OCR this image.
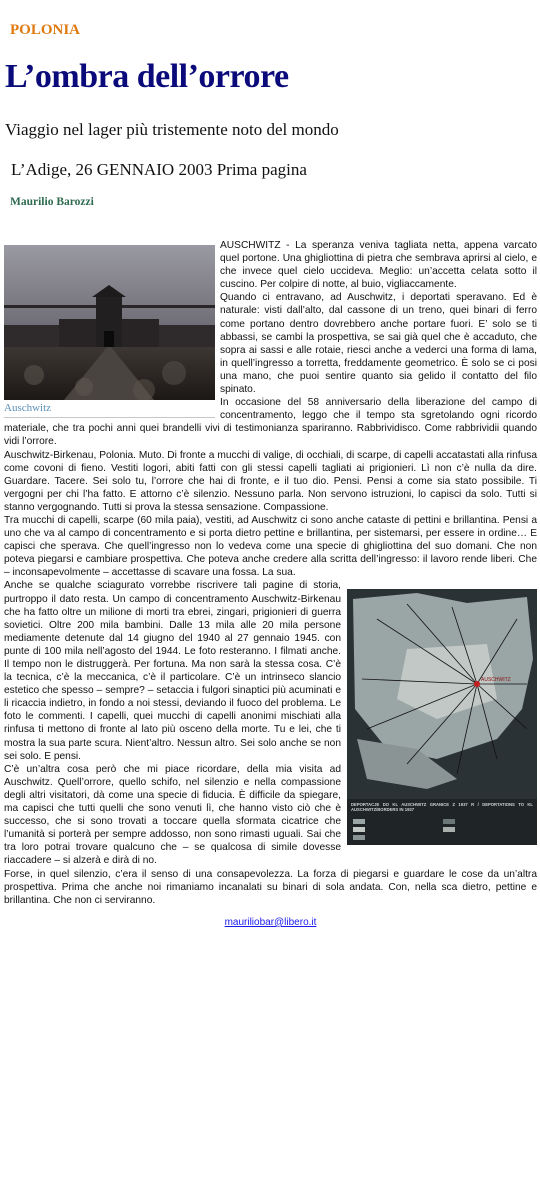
POLONIA
L’ombra dell’orrore
Viaggio nel lager più tristemente noto del mondo
L’Adige, 26 GENNAIO 2003 Prima pagina
Maurilio Barozzi
Auschwitz

AUSCHWITZ - La speranza veniva tagliata netta, appena varcato quel portone. Una ghigliottina di pietra che sembrava aprirsi al cielo, e che invece quel cielo uccideva. Meglio: un’accetta celata sotto il cuscino. Per colpire di notte, al buio, vigliaccamente.

Quando ci entravano, ad Auschwitz, i deportati speravano. Ed è naturale: visti dall’alto, dal cassone di un treno, quei binari di ferro come portano dentro dovrebbero anche portare fuori. E’ solo se ti abbassi, se cambi la prospettiva, se sai già quel che è accaduto, che sopra ai sassi e alle rotaie, riesci anche a vederci una forma di lama, in quell’ingresso a torretta, freddamente geometrico. È solo se ci posi una mano, che puoi sentire quanto sia gelido il contatto del filo spinato.

In occasione del 58 anniversario della liberazione del campo di concentramento, leggo che il tempo sta sgretolando ogni ricordo materiale, che tra pochi anni quei brandelli vivi di testimonianza spariranno. Rabbrividisco. Come rabbrividii quando vidi l’orrore.

Auschwitz-Birkenau, Polonia. Muto. Di fronte a mucchi di valige, di occhiali, di scarpe, di capelli accatastati alla rinfusa come covoni di fieno. Vestiti logori, abiti fatti con gli stessi capelli tagliati ai prigionieri. Lì non c’è nulla da dire. Guardare. Tacere. Sei solo tu, l’orrore che hai di fronte, e il tuo dio. Pensi. Pensi a come sia stato possibile. Ti vergogni per chi l’ha fatto. E attorno c’è silenzio. Nessuno parla. Non servono istruzioni, lo capisci da solo. Tutti si stanno vergognando. Tutti si prova la stessa sensazione. Compassione.

Tra mucchi di capelli, scarpe (60 mila paia), vestiti, ad Auschwitz ci sono anche cataste di pettini e brillantina. Pensi a uno che va al campo di concentramento e si porta dietro pettine e brillantina, per sistemarsi, per essere in ordine… E capisci che sperava. Che quell’ingresso non lo vedeva come una specie di ghigliottina del suo domani. Che non poteva piegarsi e cambiare prospettiva. Che poteva anche credere alla scritta dell’ingresso: il lavoro rende liberi. Che – inconsapevolmente – accettasse di scavare una fossa. La sua.

AUSCHWITZ
DEPORTACJE DO KL AUSCHWITZ GRANICE Z 1937 R / DEPORTATIONS TO KL AUSCHWITZ/BORDERS IN 1937

Anche se qualche sciagurato vorrebbe riscrivere tali pagine di storia, purtroppo il dato resta. Un campo di concentramento Auschwitz-Birkenau che ha fatto oltre un milione di morti tra ebrei, zingari, prigionieri di guerra sovietici. Oltre 200 mila bambini. Dalle 13 mila alle 20 mila persone mediamente detenute dal 14 giugno del 1940 al 27 gennaio 1945. con punte di 100 mila nell’agosto del 1944. Le foto resteranno. I filmati anche. Il tempo non le distruggerà. Per fortuna. Ma non sarà la stessa cosa. C’è la tecnica, c’è la meccanica, c’è il particolare. C’è un intrinseco slancio estetico che spesso – sempre? – setaccia i fulgori sinaptici più acuminati e li ricaccia indietro, in fondo a noi stessi, deviando il fuoco del problema. Le foto le commenti. I capelli, quei mucchi di capelli anonimi mischiati alla rinfusa ti mettono di fronte al lato più osceno della morte. Tu e lei, che ti mostra la sua parte scura. Nient’altro. Nessun altro. Sei solo anche se non sei solo. E pensi.

C’è un’altra cosa però che mi piace ricordare, della mia visita ad Auschwitz. Quell’orrore, quello schifo, nel silenzio e nella compassione degli altri visitatori, dà come una specie di fiducia. È difficile da spiegare, ma capisci che tutti quelli che sono venuti lì, che hanno visto ciò che è successo, che si sono trovati a toccare quella sformata cicatrice che l’umanità si porterà per sempre addosso, non sono rimasti uguali. Sai che tra loro potrai trovare qualcuno che – se qualcosa di simile dovesse riaccadere – si alzerà e dirà di no.

Forse, in quel silenzio, c’era il senso di una consapevolezza. La forza di piegarsi e guardare le cose da un’altra prospettiva. Prima che anche noi rimaniamo incanalati su binari di sola andata. Con, nella sca dietro, pettine e brillantina. Che non ci serviranno.

mauriliobar@libero.it
